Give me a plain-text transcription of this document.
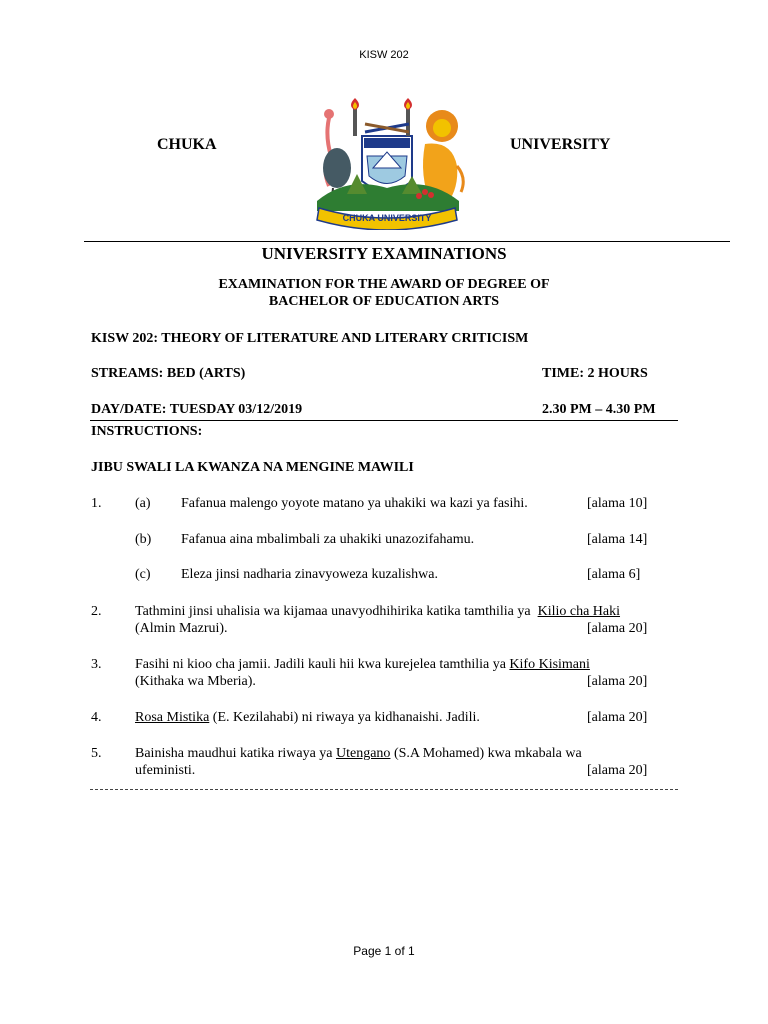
KISW 202
CHUKA	UNIVERSITY
CHUKA UNIVERSITY
UNIVERSITY EXAMINATIONS
EXAMINATION FOR THE AWARD OF DEGREE OF
BACHELOR OF EDUCATION ARTS
KISW 202: THEORY OF LITERATURE AND LITERARY CRITICISM
STREAMS: BED (ARTS)	TIME: 2 HOURS
DAY/DATE: TUESDAY 03/12/2019	2.30 PM – 4.30 PM
INSTRUCTIONS:
JIBU SWALI LA KWANZA NA MENGINE MAWILI
1. (a) Fafanua malengo yoyote matano ya uhakiki wa kazi ya fasihi.	[alama 10]
(b) Fafanua aina mbalimbali za uhakiki unazozifahamu.	[alama 14]
(c) Eleza jinsi nadharia zinavyoweza kuzalishwa.	[alama 6]
2. Tathmini jinsi uhalisia wa kijamaa unavyodhihirika katika tamthilia ya Kilio cha Haki
(Almin Mazrui).	[alama 20]
3. Fasihi ni kioo cha jamii. Jadili kauli hii kwa kurejelea tamthilia ya Kifo Kisimani
(Kithaka wa Mberia).	[alama 20]
4. Rosa Mistika (E. Kezilahabi) ni riwaya ya kidhanaishi. Jadili.	[alama 20]
5. Bainisha maudhui katika riwaya ya Utengano (S.A Mohamed) kwa mkabala wa
ufeministi.	[alama 20]
Page 1 of 1
